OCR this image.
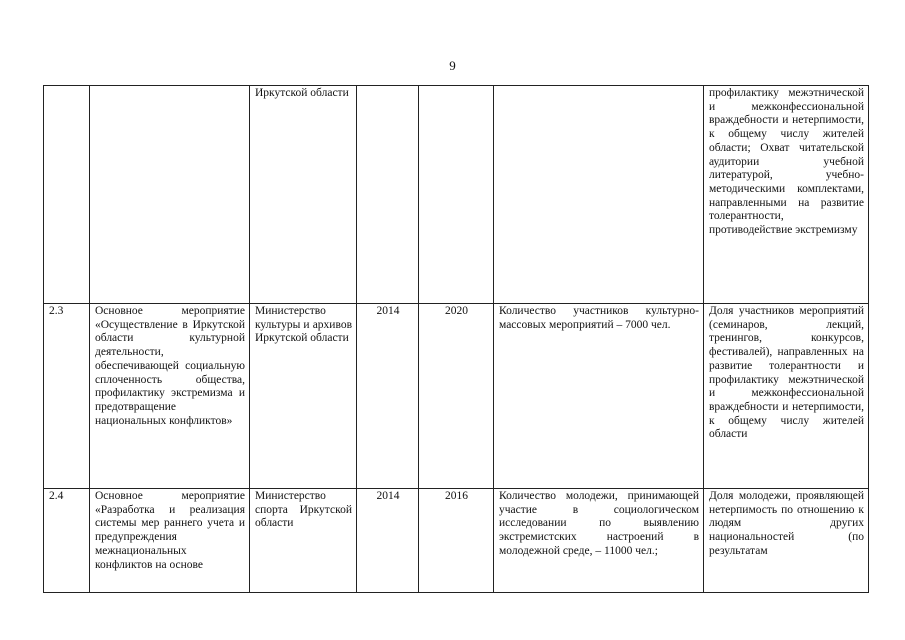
9
		Иркутской области				профилактику межэтнической и межконфессиональной враждебности и нетерпимости, к общему числу жителей области; Охват читательской аудитории учебной литературой, учебно-методическими комплектами, направленными на развитие толерантности, противодействие экстремизму
2.3	Основное мероприятие «Осуществление в Иркутской области культурной деятельности, обеспечивающей социальную сплоченность общества, профилактику экстремизма и предотвращение национальных конфликтов»	Министерство культуры и архивов Иркутской области	2014	2020	Количество участников культурно-массовых мероприятий – 7000 чел.	Доля участников мероприятий (семинаров, лекций, тренингов, конкурсов, фестивалей), направленных на развитие толерантности и профилактику межэтнической и межконфессиональной враждебности и нетерпимости, к общему числу жителей области
2.4	Основное мероприятие «Разработка и реализация системы мер раннего учета и предупреждения межнациональных конфликтов на основе	Министерство спорта Иркутской области	2014	2016	Количество молодежи, принимающей участие в социологическом исследовании по выявлению экстремистских настроений в молодежной среде, – 11000 чел.;	Доля молодежи, проявляющей нетерпимость по отношению к людям других национальностей (по результатам
